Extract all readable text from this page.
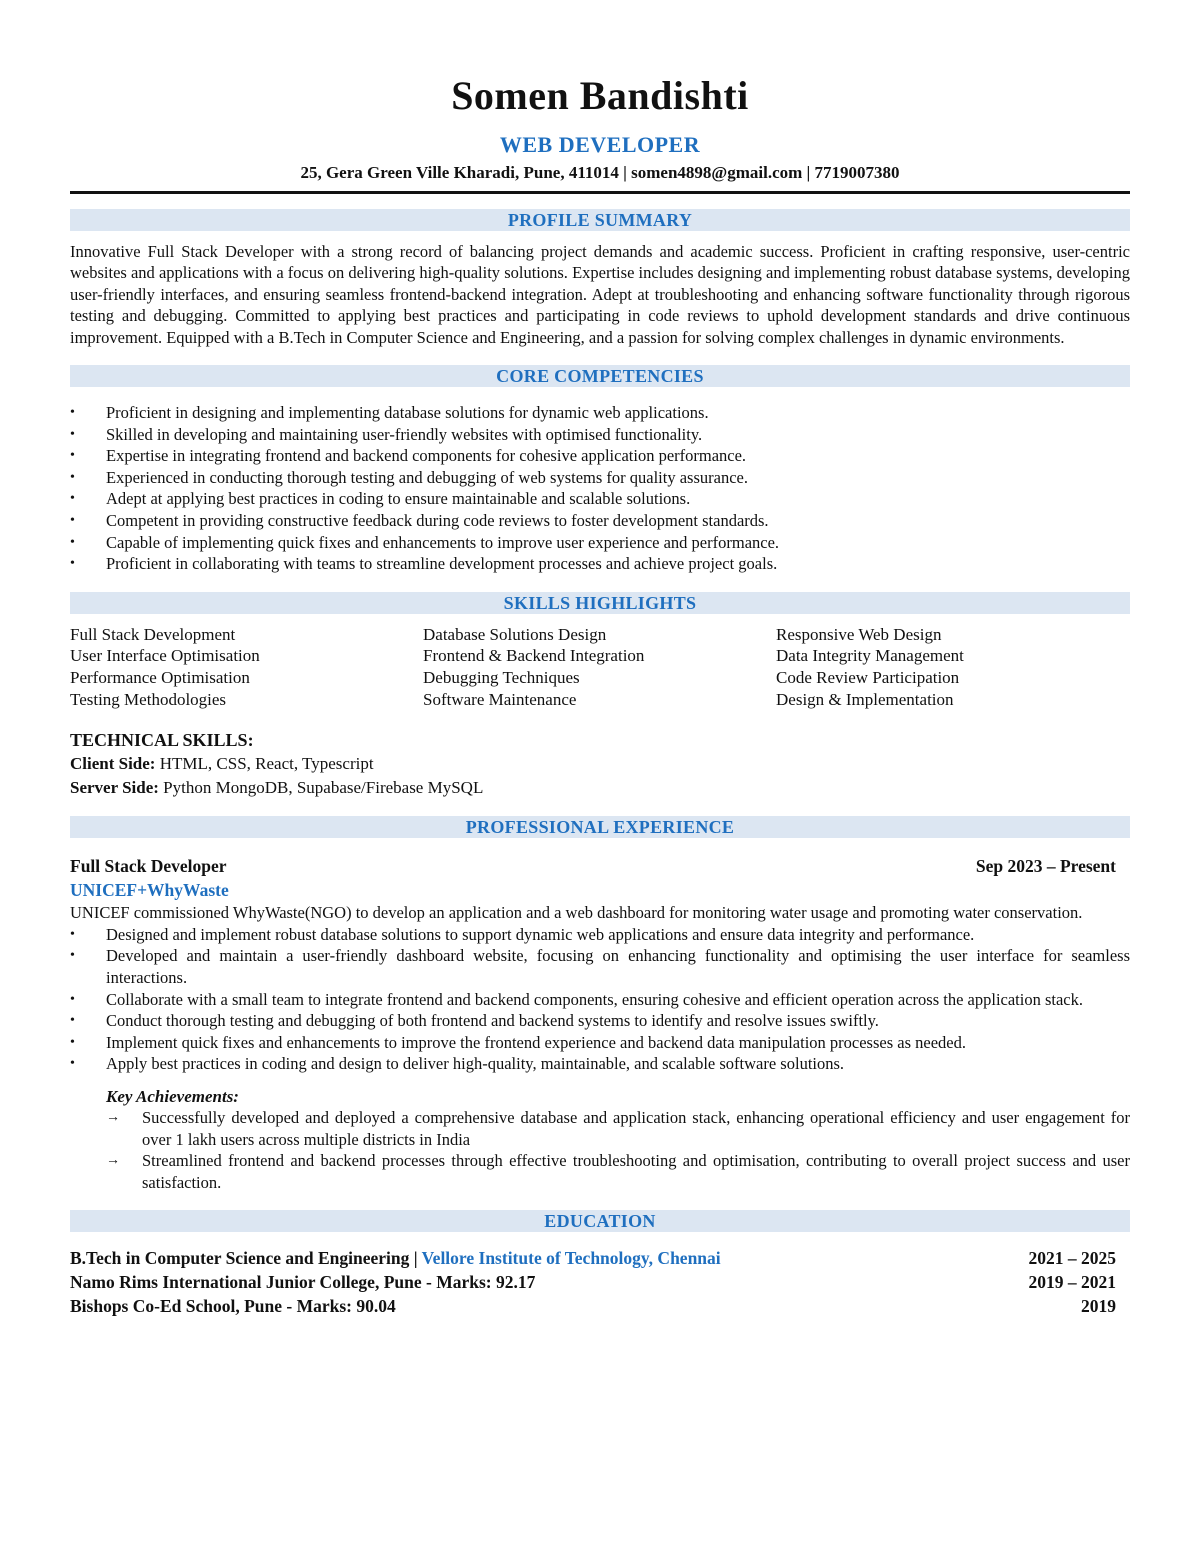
Somen Bandishti
WEB DEVELOPER
25, Gera Green Ville Kharadi, Pune, 411014 | somen4898@gmail.com | 7719007380
PROFILE SUMMARY
Innovative Full Stack Developer with a strong record of balancing project demands and academic success. Proficient in crafting responsive, user-centric websites and applications with a focus on delivering high-quality solutions. Expertise includes designing and implementing robust database systems, developing user-friendly interfaces, and ensuring seamless frontend-backend integration. Adept at troubleshooting and enhancing software functionality through rigorous testing and debugging. Committed to applying best practices and participating in code reviews to uphold development standards and drive continuous improvement. Equipped with a B.Tech in Computer Science and Engineering, and a passion for solving complex challenges in dynamic environments.
CORE COMPETENCIES
• Proficient in designing and implementing database solutions for dynamic web applications.
• Skilled in developing and maintaining user-friendly websites with optimised functionality.
• Expertise in integrating frontend and backend components for cohesive application performance.
• Experienced in conducting thorough testing and debugging of web systems for quality assurance.
• Adept at applying best practices in coding to ensure maintainable and scalable solutions.
• Competent in providing constructive feedback during code reviews to foster development standards.
• Capable of implementing quick fixes and enhancements to improve user experience and performance.
• Proficient in collaborating with teams to streamline development processes and achieve project goals.
SKILLS HIGHLIGHTS
Full Stack Development	Database Solutions Design	Responsive Web Design
User Interface Optimisation	Frontend & Backend Integration	Data Integrity Management
Performance Optimisation	Debugging Techniques	Code Review Participation
Testing Methodologies	Software Maintenance	Design & Implementation
TECHNICAL SKILLS:
Client Side: HTML, CSS, React, Typescript
Server Side: Python MongoDB, Supabase/Firebase MySQL
PROFESSIONAL EXPERIENCE
Full Stack Developer	Sep 2023 – Present
UNICEF+WhyWaste
UNICEF commissioned WhyWaste(NGO) to develop an application and a web dashboard for monitoring water usage and promoting water conservation.
• Designed and implement robust database solutions to support dynamic web applications and ensure data integrity and performance.
• Developed and maintain a user-friendly dashboard website, focusing on enhancing functionality and optimising the user interface for seamless interactions.
• Collaborate with a small team to integrate frontend and backend components, ensuring cohesive and efficient operation across the application stack.
• Conduct thorough testing and debugging of both frontend and backend systems to identify and resolve issues swiftly.
• Implement quick fixes and enhancements to improve the frontend experience and backend data manipulation processes as needed.
• Apply best practices in coding and design to deliver high-quality, maintainable, and scalable software solutions.
Key Achievements:
→ Successfully developed and deployed a comprehensive database and application stack, enhancing operational efficiency and user engagement for over 1 lakh users across multiple districts in India
→ Streamlined frontend and backend processes through effective troubleshooting and optimisation, contributing to overall project success and user satisfaction.
EDUCATION
B.Tech in Computer Science and Engineering | Vellore Institute of Technology, Chennai	2021 – 2025
Namo Rims International Junior College, Pune - Marks: 92.17	2019 – 2021
Bishops Co-Ed School, Pune - Marks: 90.04	2019
